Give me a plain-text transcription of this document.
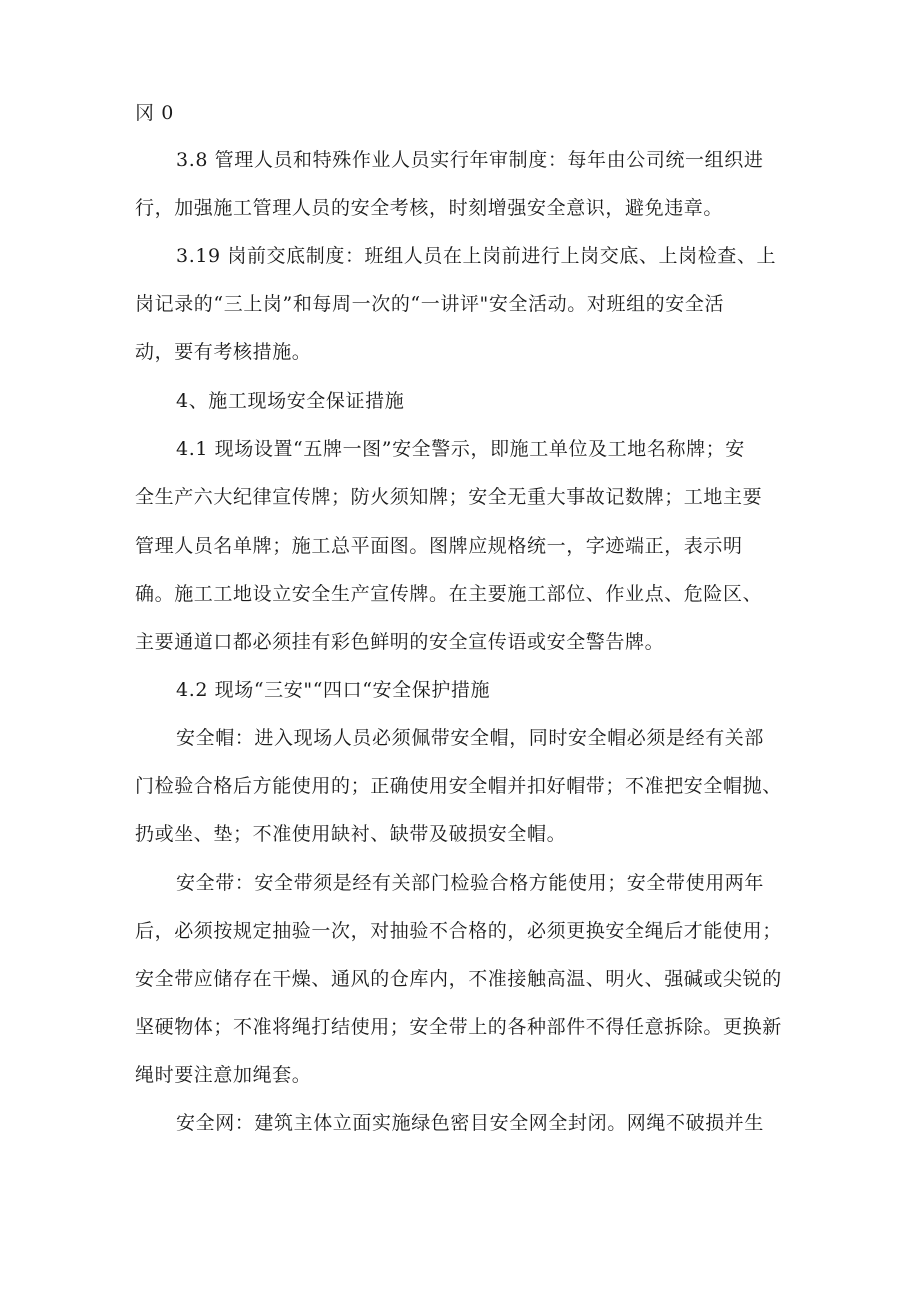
冈 0
3.8 管理人员和特殊作业人员实行年审制度：每年由公司统一组织进
行，加强施工管理人员的安全考核，时刻增强安全意识，避免违章。
3.19 岗前交底制度：班组人员在上岗前进行上岗交底、上岗检查、上
岗记录的“三上岗”和每周一次的“一讲评"安全活动。对班组的安全活
动，要有考核措施。
4、施工现场安全保证措施
4.1 现场设置“五牌一图”安全警示，即施工单位及工地名称牌；安
全生产六大纪律宣传牌；防火须知牌；安全无重大事故记数牌；工地主要
管理人员名单牌；施工总平面图。图牌应规格统一，字迹端正，表示明
确。施工工地设立安全生产宣传牌。在主要施工部位、作业点、危险区、
主要通道口都必须挂有彩色鲜明的安全宣传语或安全警告牌。
4.2 现场“三安"“四口“安全保护措施
安全帽：进入现场人员必须佩带安全帽，同时安全帽必须是经有关部
门检验合格后方能使用的；正确使用安全帽并扣好帽带；不准把安全帽抛、
扔或坐、垫；不准使用缺衬、缺带及破损安全帽。
安全带：安全带须是经有关部门检验合格方能使用；安全带使用两年
后，必须按规定抽验一次，对抽验不合格的，必须更换安全绳后才能使用；
安全带应储存在干燥、通风的仓库内，不准接触高温、明火、强碱或尖锐的
坚硬物体；不准将绳打结使用；安全带上的各种部件不得任意拆除。更换新
绳时要注意加绳套。
安全网：建筑主体立面实施绿色密目安全网全封闭。网绳不破损并生
